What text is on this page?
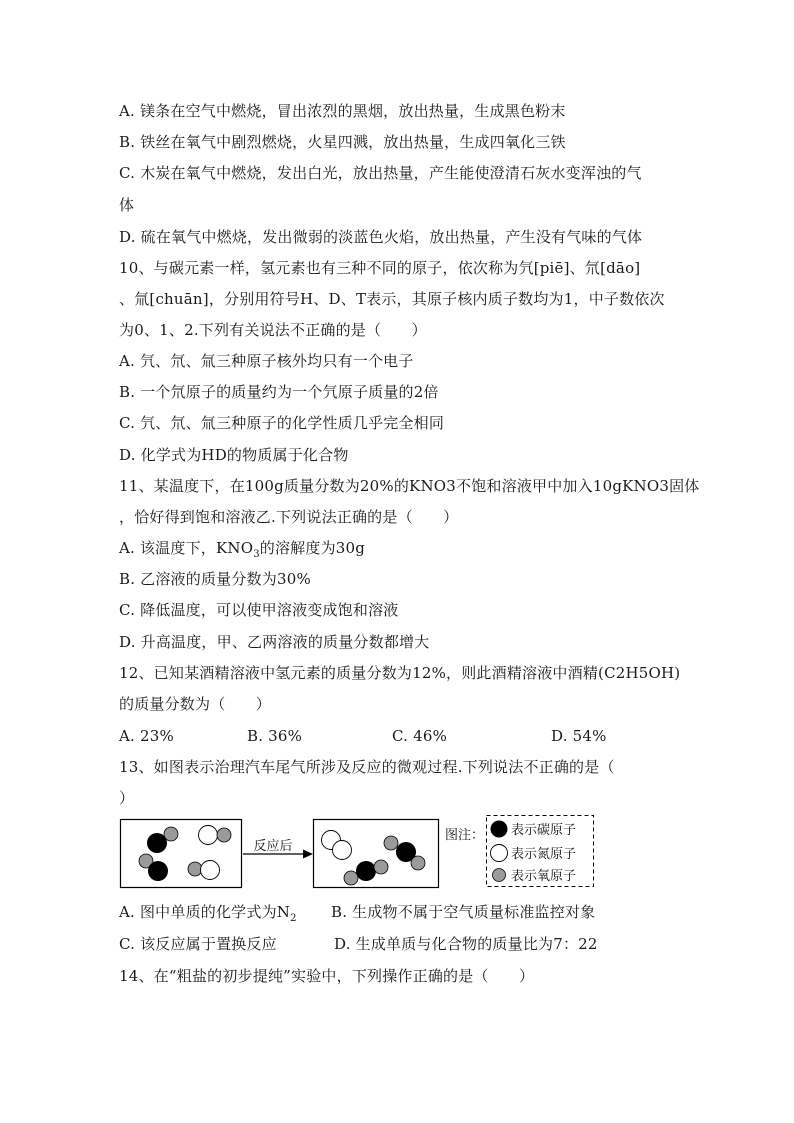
A. 镁条在空气中燃烧，冒出浓烈的黑烟，放出热量，生成黑色粉末
B. 铁丝在氧气中剧烈燃烧，火星四溅，放出热量，生成四氧化三铁
C. 木炭在氧气中燃烧，发出白光，放出热量，产生能使澄清石灰水变浑浊的气
体
D. 硫在氧气中燃烧，发出微弱的淡蓝色火焰，放出热量，产生没有气味的气体
10、与碳元素一样，氢元素也有三种不同的原子，依次称为氕[piē]、氘[dāo]
、氚[chuān]，分别用符号H、D、T表示，其原子核内质子数均为1，中子数依次
为0、1、2.下列有关说法不正确的是（　　）
A. 氕、氘、氚三种原子核外均只有一个电子
B. 一个氘原子的质量约为一个氕原子质量的2倍
C. 氕、氘、氚三种原子的化学性质几乎完全相同
D. 化学式为HD的物质属于化合物
11、某温度下，在100g质量分数为20%的KNO3不饱和溶液甲中加入10gKNO3固体
，恰好得到饱和溶液乙.下列说法正确的是（　　）
A. 该温度下，$KNO_3$的溶解度为30g
B. 乙溶液的质量分数为30%
C. 降低温度，可以使甲溶液变成饱和溶液
D. 升高温度，甲、乙两溶液的质量分数都增大
12、已知某酒精溶液中氢元素的质量分数为12%，则此酒精溶液中酒精(C2H5OH)
的质量分数为（　　）
A. 23%	B. 36%	C. 46%	D. 54%
13、如图表示治理汽车尾气所涉及反应的微观过程.下列说法不正确的是（
）
反应后
图注： 表示碳原子
表示氮原子
表示氧原子
A. 图中单质的化学式为$N_2$ B. 生成物不属于空气质量标准监控对象
C. 该反应属于置换反应	D. 生成单质与化合物的质量比为7：22
14、在“粗盐的初步提纯”实验中，下列操作正确的是（　　）
